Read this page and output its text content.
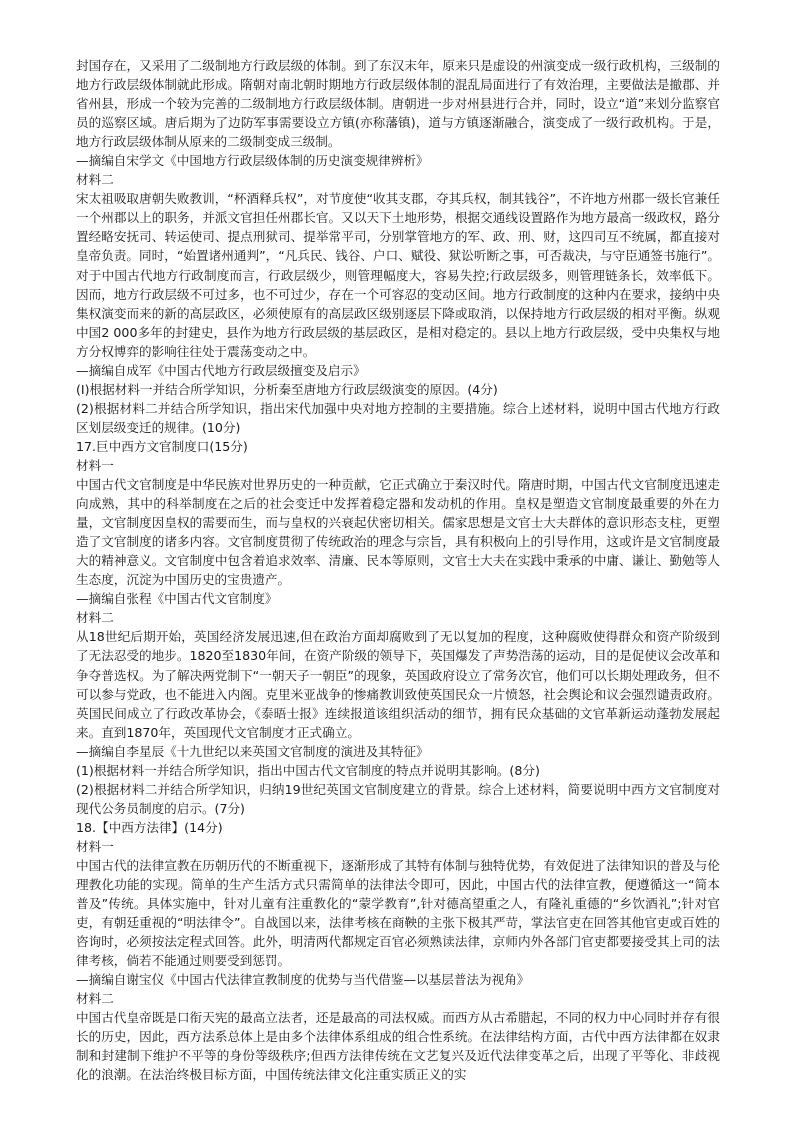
封国存在，又采用了二级制地方行政层级的体制。到了东汉末年，原来只是虚设的州演变成一级行政机构，三级制的地方行政层级体制就此形成。隋朝对南北朝时期地方行政层级体制的混乱局面进行了有效治理，主要做法是撤郡、并省州县，形成一个较为完善的二级制地方行政层级体制。唐朝进一步对州县进行合并，同时，设立“道”来划分监察官员的巡察区域。唐后期为了边防军事需要设立方镇(亦称藩镇)，道与方镇逐渐融合，演变成了一级行政机构。于是，地方行政层级体制从原来的二级制变成三级制。

—摘编自宋学文《中国地方行政层级体制的历史演变规律辨析》

材料二

宋太祖吸取唐朝失败教训，“杯酒释兵权”，对节度使“收其支郡，夺其兵权，制其钱谷”，不许地方州郡一级长官兼任一个州郡以上的职务，并派文官担任州郡长官。又以天下土地形势，根据交通线设置路作为地方最高一级政权，路分置经略安抚司、转运使司、提点刑狱司、提举常平司，分别掌管地方的军、政、刑、财，这四司互不统属，都直接对皇帝负责。同时，“始置诸州通判”，“凡兵民、钱谷、户口、赋役、狱讼听断之事，可否裁决，与守臣通签书施行”。对于中国古代地方行政制度而言，行政层级少，则管理幅度大，容易失控;行政层级多，则管理链条长，效率低下。因而，地方行政层级不可过多，也不可过少，存在一个可容忍的变动区间。地方行政制度的这种内在要求，接纳中央集权演变而来的新的高层政区，必须使原有的高层政区级别逐层下降或取消，以保持地方行政层级的相对平衡。纵观中国2 000多年的封建史，县作为地方行政层级的基层政区，是相对稳定的。县以上地方行政层级，受中央集权与地方分权博弈的影响往往处于震荡变动之中。

—摘编自成军《中国古代地方行政层级擅变及启示》

(I)根据材料一并结合所学知识，分析秦至唐地方行政层级演变的原因。(4分)

(2)根据材料二并结合所学知识，指出宋代加强中央对地方控制的主要措施。综合上述材料，说明中国古代地方行政区划层级变迁的规律。(10分)

17.巨中西方文官制度口(15分)

材料一

中国古代文官制度是中华民族对世界历史的一种贡献，它正式确立于秦汉时代。隋唐时期，中国古代文官制度迅速走向成熟，其中的科举制度在之后的社会变迁中发挥着稳定器和发动机的作用。皇权是塑造文官制度最重要的外在力量，文官制度因皇权的需要而生，而与皇权的兴衰起伏密切相关。儒家思想是文官士大夫群体的意识形态支柱，更塑造了文官制度的诸多内容。文官制度贯彻了传统政治的理念与宗旨，具有积极向上的引导作用，这或许是文官制度最大的精神意义。文官制度中包含着追求效率、清廉、民本等原则，文官士大夫在实践中秉承的中庸、谦让、勤勉等人生态度，沉淀为中国历史的宝贵遗产。

—摘编自张程《中国古代文官制度》

材料二

从18世纪后期开始，英国经济发展迅速,但在政治方面却腐败到了无以复加的程度，这种腐败使得群众和资产阶级到了无法忍受的地步。1820至1830年间，在资产阶级的领导下，英国爆发了声势浩荡的运动，目的是促使议会改革和争夺普选权。为了解决两党制下“一朝天子一朝臣”的现象，英国政府设立了常务次官，他们可以长期处理政务，但不可以参与党政，也不能进入内阁。克里米亚战争的惨痛教训致使英国民众一片愤怒，社会舆论和议会强烈谴责政府。英国民间成立了行政改革协会，《泰晤士报》连续报道该组织活动的细节，拥有民众基础的文官革新运动蓬勃发展起来。直到1870年，英国现代文官制度才正式确立。

—摘编自李星辰《十九世纪以来英国文官制度的演进及其特征》

(1)根据材料一并结合所学知识，指出中国古代文官制度的特点并说明其影响。(8分)

(2)根据材料二并结合所学知识，归纳19世纪英国文官制度建立的背景。综合上述材料，简要说明中西方文官制度对现代公务员制度的启示。(7分)

18.【中西方法律】(14分)

材料一

中国古代的法律宣教在历朝历代的不断重视下，逐渐形成了其特有体制与独特优势，有效促进了法律知识的普及与伦理教化功能的实现。简单的生产生活方式只需简单的法律法令即可，因此，中国古代的法律宣教，便遵循这一“简本普及”传统。具体实施中，针对儿童有注重教化的“蒙学教育”,针对德高望重之人，有隆礼重德的“乡饮酒礼”;针对官吏，有朝廷重视的“明法律令”。自战国以来，法律考核在商鞅的主张下极其严苛，掌法官吏在回答其他官吏或百姓的咨询时，必须按法定程式回答。此外，明清两代都规定百官必须熟读法律，京师内外各部门官吏都要接受其上司的法律考核，倘若不能通过则要受到惩罚。

—摘编自谢宝仪《中国古代法律宣教制度的优势与当代借鉴—以基层普法为视角》

材料二

中国古代皇帝既是口衔天宪的最高立法者，还是最高的司法权威。而西方从古希腊起，不同的权力中心同时并存有很长的历史，因此，西方法系总体上是由多个法律体系组成的组合性系统。在法律结构方面，古代中西方法律都在奴隶制和封建制下维护不平等的身份等级秩序;但西方法律传统在文艺复兴及近代法律变革之后，出现了平等化、非歧视化的浪潮。在法治终极目标方面，中国传统法律文化注重实质正义的实
